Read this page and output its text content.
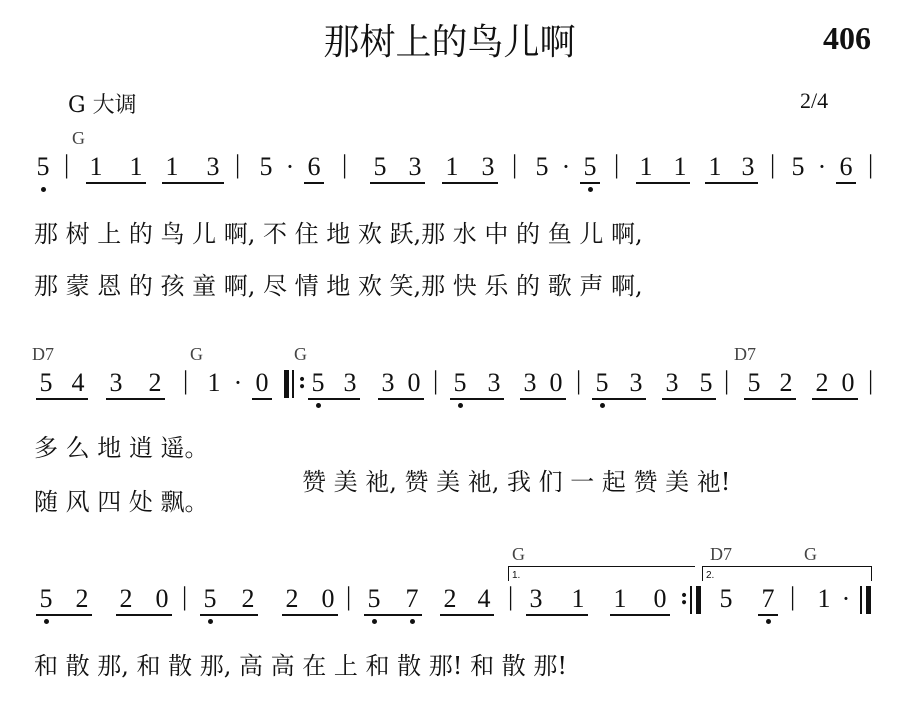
那树上的鸟儿啊	406
G 大调	2/4
G
5 | 1 1 1 3 | 5 · 6 | 5 3 1 3 | 5 · 5 | 1 1 1 3 | 5 · 6 |
那 树 上 的 鸟 儿 啊, 不 住 地 欢 跃,那 水 中 的 鱼 儿 啊,
那 蒙 恩 的 孩 童 啊, 尽 情 地 欢 笑,那 快 乐 的 歌 声 啊,
D7	G	G	D7
5 4 3 2 | 1 · 0 : 5 3 3 0 | 5 3 3 0 | 5 3 3 5 | 5 2 2 0 |
多 么 地 逍 遥。
随 风 四 处 飘。
赞 美 祂, 赞 美 祂, 我 们 一 起 赞 美 祂!
G	D7	G
1.	2.
5 2 2 0 | 5 2 2 0 | 5 7 2 4 | 3 1 1 0 : 5 7 | 1 ·
和 散 那, 和 散 那, 高 高 在 上 和 散 那! 和 散 那!
